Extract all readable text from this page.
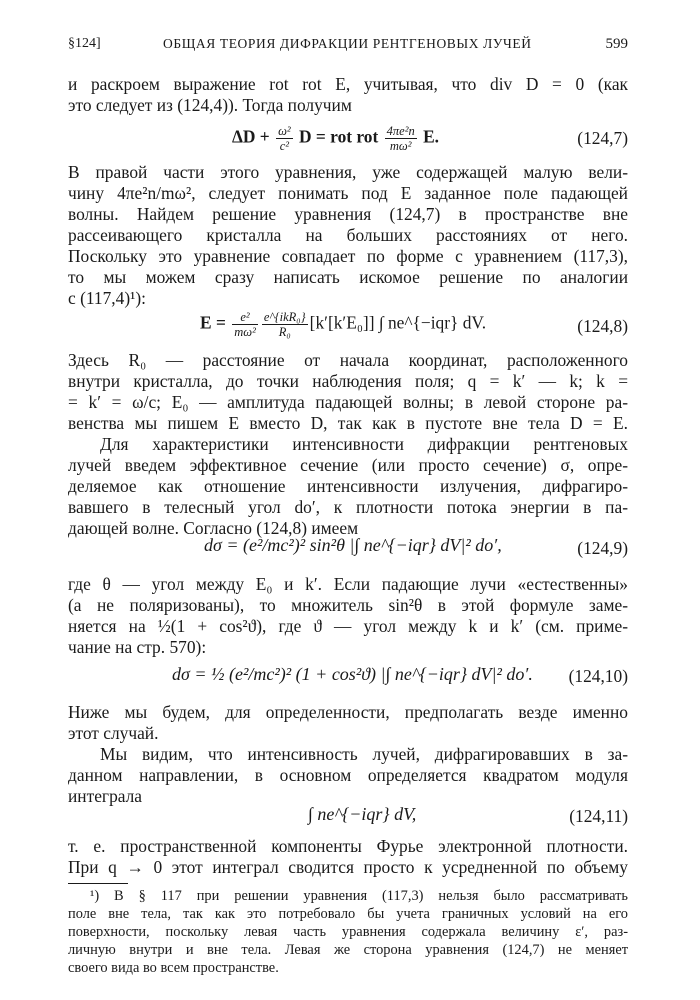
§124]	ОБЩАЯ ТЕОРИЯ ДИФРАКЦИИ РЕНТГЕНОВЫХ ЛУЧЕЙ	599
и раскроем выражение rot rot E, учитывая, что div D = 0 (как
это следует из (124,4)). Тогда получим
$\Delta D + \frac{\text{ω²}}{\text{c²}}$ D = rot rot $\frac{\text{4πe²n}}{\text{mω²}} E$.	(124,7)
В правой части этого уравнения, уже содержащей малую вели-
чину 4πe²n/mω², следует понимать под E заданное поле падающей
волны. Найдем решение уравнения (124,7) в пространстве вне
рассеивающего кристалла на больших расстояниях от него.
Поскольку это уравнение совпадает по форме с уравнением (117,3),
то мы можем сразу написать искомое решение по аналогии
с (117,4)¹):
$E = \frac{\text{e²}}{\text{mω²}} \frac{\text{e\textasciicircum{}\{ikR₀\}}}{\text{R₀}} [k'[k'E_0]]$ ∫ ne^{−iqr} dV.	(124,8)
Здесь R₀ — расстояние от начала координат, расположенного
внутри кристалла, до точки наблюдения поля; q = k′ — k; k =
= k′ = ω/c; E₀ — амплитуда падающей волны; в левой стороне ра-
венства мы пишем E вместо D, так как в пустоте вне тела D = E.
Для характеристики интенсивности дифракции рентгеновых
лучей введем эффективное сечение (или просто сечение) σ, опре-
деляемое как отношение интенсивности излучения, дифрагиро-
вавшего в телесный угол do′, к плотности потока энергии в па-
дающей волне. Согласно (124,8) имеем
dσ = (e²/mc²)² sin²θ |∫ ne^{−iqr} dV|² do′,	(124,9)
где θ — угол между E₀ и k′. Если падающие лучи «естественны»
(а не поляризованы), то множитель sin²θ в этой формуле заме-
няется на ½(1 + cos²ϑ), где ϑ — угол между k и k′ (см. приме-
чание на стр. 570):
dσ = ½ (e²/mc²)² (1 + cos²ϑ) |∫ ne^{−iqr} dV|² do′. (124,10)
Ниже мы будем, для определенности, предполагать везде именно
этот случай.
Мы видим, что интенсивность лучей, дифрагировавших в за-
данном направлении, в основном определяется квадратом модуля
интеграла
∫ ne^{−iqr} dV,	(124,11)
т. е. пространственной компоненты Фурье электронной плотности.
При q → 0 этот интеграл сводится просто к усредненной по объему
¹) В § 117 при решении уравнения (117,3) нельзя было рассматривать
поле вне тела, так как это потребовало бы учета граничных условий на его
поверхности, поскольку левая часть уравнения содержала величину ε′, раз-
личную внутри и вне тела. Левая же сторона уравнения (124,7) не меняет
своего вида во всем пространстве.
